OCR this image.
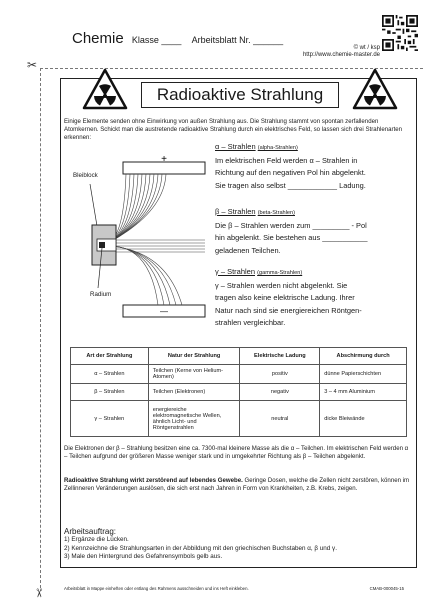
Chemie Klasse ____ Arbeitsblatt Nr. ______
© wt / ksp
http://www.chemie-master.de
✂
✂
Radioaktive Strahlung
Einige Elemente senden ohne Einwirkung von außen Strahlung aus. Die Strahlung stammt von spontan zerfallenden Atomkernen. Schickt man die austretende radioaktive Strahlung durch ein elektrisches Feld, so lassen sich drei Strahlenarten erkennen:
Bleiblock
Radium
+
—
α – Strahlen (alpha-Strahlen)
Im elektrischen Feld werden α – Strahlen in
Richtung auf den negativen Pol hin abgelenkt.
Sie tragen also selbst ____________ Ladung.
β – Strahlen (beta-Strahlen)
Die β – Strahlen werden zum _________ - Pol
hin abgelenkt. Sie bestehen aus ___________
geladenen Teilchen.
γ – Strahlen (gamma-Strahlen)
γ – Strahlen werden nicht abgelenkt. Sie
tragen also keine elektrische Ladung. Ihrer
Natur nach sind sie energiereichen Röntgen-
strahlen vergleichbar.
Art der Strahlung	Natur der Strahlung	Elektrische Ladung	Abschirmung durch
α – Strahlen	Teilchen (Kerne von Helium-Atomen)	positiv	dünne Papierschichten
β – Strahlen	Teilchen (Elektronen)	negativ	3 – 4 mm Aluminium
γ – Strahlen	energiereiche elektromagnetische Wellen, ähnlich Licht- und Röntgenstrahlen	neutral	dicke Bleiwände
Die Elektronen der β – Strahlung besitzen eine ca. 7300-mal kleinere Masse als die α – Teilchen. Im elektrischen Feld werden α – Teilchen aufgrund der größeren Masse weniger stark und in umgekehrter Richtung als β – Teilchen abgelenkt.
Radioaktive Strahlung wirkt zerstörend auf lebendes Gewebe. Geringe Dosen, welche die Zellen nicht zerstören, können im Zellinneren Veränderungen auslösen, die sich erst nach Jahren in Form von Krankheiten, z.B. Krebs, zeigen.
Arbeitsauftrag:
1) Ergänze die Lücken.
2) Kennzeichne die Strahlungsarten in der Abbildung mit den griechischen Buchstaben α, β und γ.
3) Male den Hintergrund des Gefahrensymbols gelb aus.
Arbeitsblatt in Mappe einheften oder entlang des Rahmens ausschneiden und ins Heft einkleben.	CMAB-000045-15
